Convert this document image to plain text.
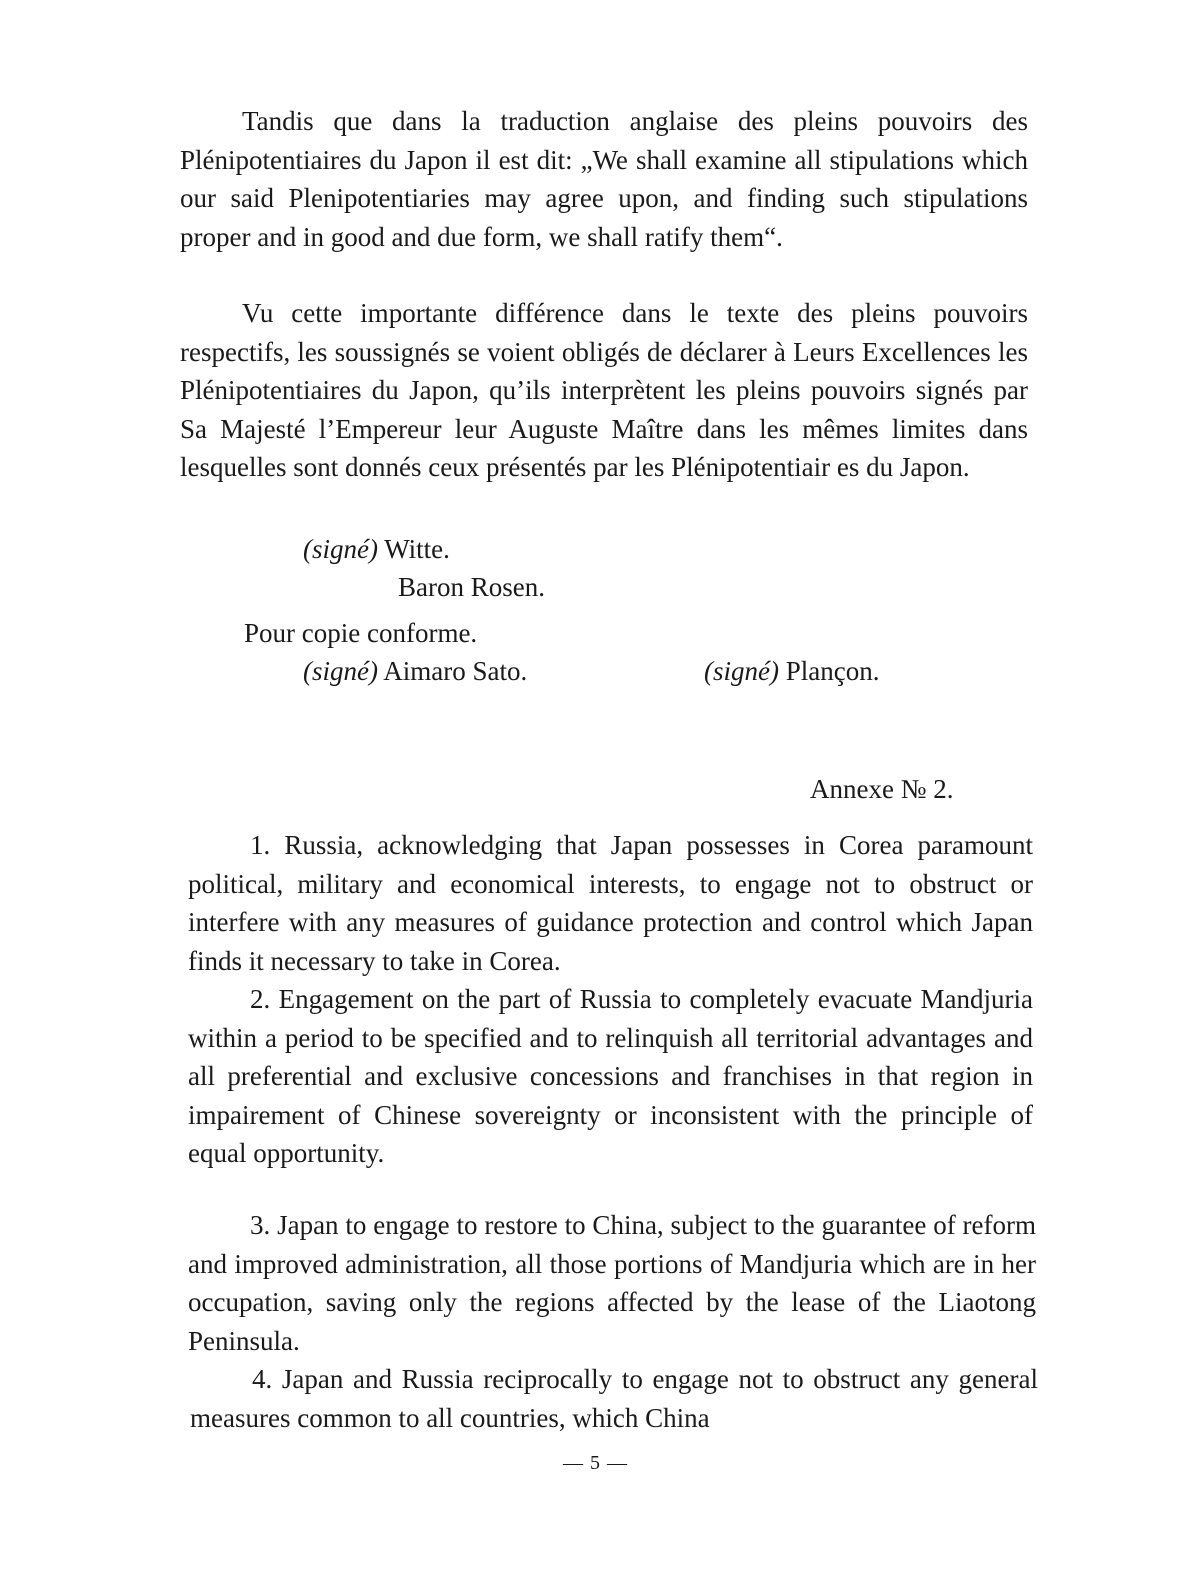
Tandis que dans la traduction anglaise des pleins pouvoirs des Plénipotentiaires du Japon il est dit: „We shall examine all stipulations which our said Plenipotentiaries may agree upon, and finding such stipulations proper and in good and due form, we shall ratify them“.

Vu cette importante différence dans le texte des pleins pouvoirs respectifs, les soussignés se voient obligés de déclarer à Leurs Excellences les Plénipotentiaires du Japon, qu’ils interprètent les pleins pouvoirs signés par Sa Majesté l’Empereur leur Auguste Maître dans les mêmes limites dans lesquelles sont donnés ceux présentés par les Plénipotentiair es du Japon.

(signé) Witte.
Baron Rosen.
Pour copie conforme.
(signé) Aimaro Sato.	(signé) Plançon.
Annexe № 2.

1. Russia, acknowledging that Japan possesses in Corea paramount political, military and economical interests, to engage not to obstruct or interfere with any measures of guidance protection and control which Japan finds it necessary to take in Corea.

2. Engagement on the part of Russia to completely evacuate Mandjuria within a period to be specified and to relinquish all territorial advantages and all preferential and exclusive concessions and franchises in that region in impairement of Chinese sovereignty or inconsistent with the principle of equal opportunity.

3. Japan to engage to restore to China, subject to the guarantee of reform and improved administration, all those portions of Mandjuria which are in her occupation, saving only the regions affected by the lease of the Liaotong Peninsula.

4. Japan and Russia reciprocally to engage not to obstruct any general measures common to all countries, which China

— 5 —
